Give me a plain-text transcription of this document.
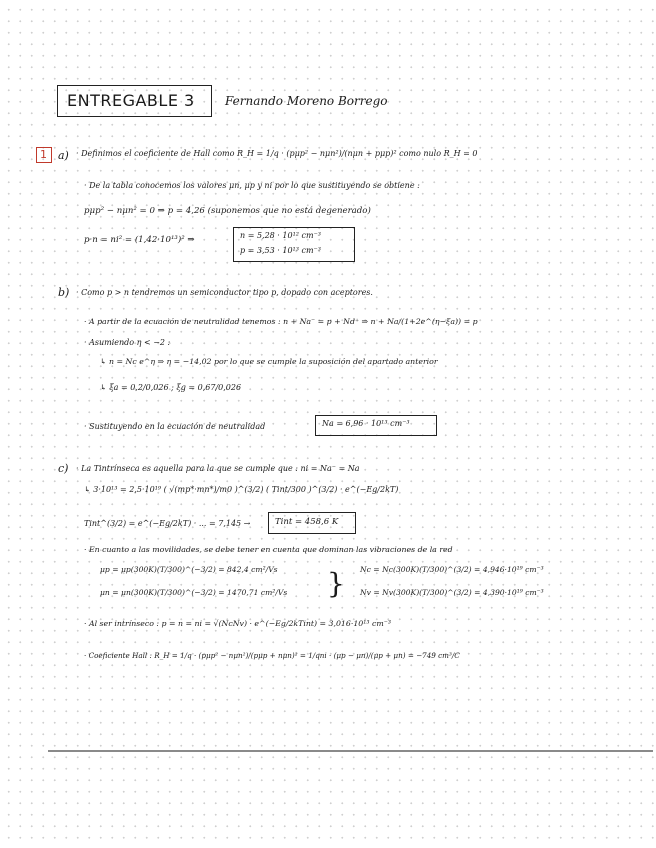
ENTREGABLE 3	Fernando Moreno Borrego
1 a) · Definimos el coeficiente de Hall como R_H = 1/q · (pμp² − nμn²)/(nμn + pμp)² como nulo R_H = 0
· De la tabla conocemos los valores μn, μp y ni por lo que sustituyendo se obtiene :
pμp² − nμn² = 0 ⇒ p = 4,26 (suponemos que no está degenerado)
p·n = ni² = (1,42·10¹³)² ⇒	n = 5,28 · 10¹² cm⁻³
p = 3,53 · 10¹³ cm⁻³
b) · Como p > n tendremos un semiconductor tipo p, dopado con aceptores.
· A partir de la ecuación de neutralidad tenemos : n + Na⁻ = p + Nd⁺ ⇒ n + Na/(1+2e^(η−ξa)) = p
· Asumiendo η < −2 :
↳ n = Nc e^η ⇒ η = −14,02 por lo que se cumple la suposición del apartado anterior
↳ ξa = 0,2/0,026 ; ξg = 0,67/0,026
· Sustituyendo en la ecuación de neutralidad	Na = 6,96 · 10¹³ cm⁻³
c) · La Tintrínseca es aquella para la que se cumple que : ni = Na⁻ = Na
↳ 3·10¹³ = 2,5·10¹⁹ ( √(mp*·mn*)/m0 )^(3/2) ( Tint/300 )^(3/2) · e^(−Eg/2kT)
Tint^(3/2) = e^(−Eg/2kT) · ... = 7,145 →	Tint = 458,6 K
· En cuanto a las movilidades, se debe tener en cuenta que dominan las vibraciones de la red
μp = μp(300K)(T/300)^(−3/2) = 842,4 cm²/Vs
μn = μn(300K)(T/300)^(−3/2) = 1470,71 cm²/Vs
Nc = Nc(300K)(T/300)^(3/2) = 4,946·10¹⁹ cm⁻³
Nv = Nv(300K)(T/300)^(3/2) = 4,390·10¹⁹ cm⁻³
}
· Al ser intrínseco : p = n = ni = √(NcNv) · e^(−Eg/2kTint) = 3,016·10¹³ cm⁻³
· Coeficiente Hall : R_H = 1/q · (pμp² − nμn²)/(pμp + nμn)² = 1/qni · (μp − μn)/(μp + μn) = −749 cm³/C
